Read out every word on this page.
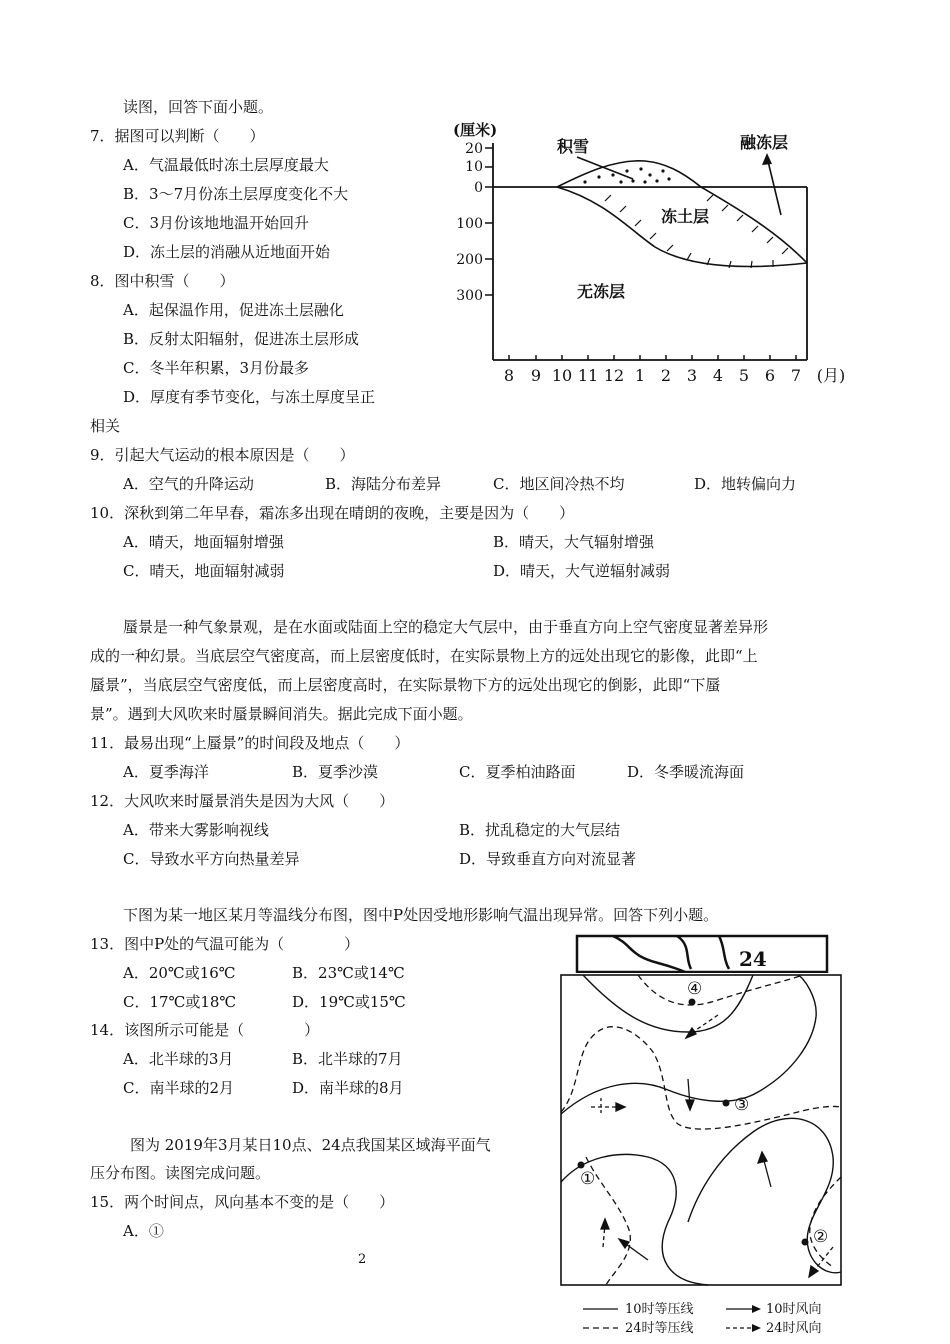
读图，回答下面小题。
7．据图可以判断（　　）
A．气温最低时冻土层厚度最大
B．3～7月份冻土层厚度变化不大
C．3月份该地地温开始回升
D．冻土层的消融从近地面开始
8．图中积雪（　　）
A．起保温作用，促进冻土层融化
B．反射太阳辐射，促进冻土层形成
C．冬半年积累，3月份最多
D．厚度有季节变化，与冻土厚度呈正
相关
9．引起大气运动的根本原因是（　　）
A．空气的升降运动	B．海陆分布差异	C．地区间冷热不均	D．地转偏向力
10．深秋到第二年早春，霜冻多出现在晴朗的夜晚，主要是因为（　　）
A．晴天，地面辐射增强	B．晴天，大气辐射增强
C．晴天，地面辐射减弱	D．晴天，大气逆辐射减弱
蜃景是一种气象景观，是在水面或陆面上空的稳定大气层中，由于垂直方向上空气密度显著差异形
成的一种幻景。当底层空气密度高，而上层密度低时，在实际景物上方的远处出现它的影像，此即“上
蜃景”，当底层空气密度低，而上层密度高时，在实际景物下方的远处出现它的倒影，此即“下蜃
景”。遇到大风吹来时蜃景瞬间消失。据此完成下面小题。
11．最易出现“上蜃景”的时间段及地点（　　）
A．夏季海洋	B．夏季沙漠	C．夏季柏油路面	D．冬季暖流海面
12．大风吹来时蜃景消失是因为大风（　　）
A．带来大雾影响视线	B．扰乱稳定的大气层结
C．导致水平方向热量差异	D．导致垂直方向对流显著
下图为某一地区某月等温线分布图，图中P处因受地形影响气温出现异常。回答下列小题。
13．图中P处的气温可能为（　　　　）
A．20℃或16℃	B．23℃或14℃
C．17℃或18℃	D．19℃或15℃
14．该图所示可能是（　　　　）
A．北半球的3月	B．北半球的7月
C．南半球的2月	D．南半球的8月
图为 2019年3月某日10点、24点我国某区域海平面气
压分布图。读图完成问题。
15．两个时间点，风向基本不变的是（　　）
A．①
2
(厘米)
20
10
0
100
200
300
8 9 10 11 12 1 2 3 4 5 6 7 (月)
积雪	融冻层
冻土层
无冻层
24
④
③
①
②
10时等压线
24时等压线
10时风向
24时风向
